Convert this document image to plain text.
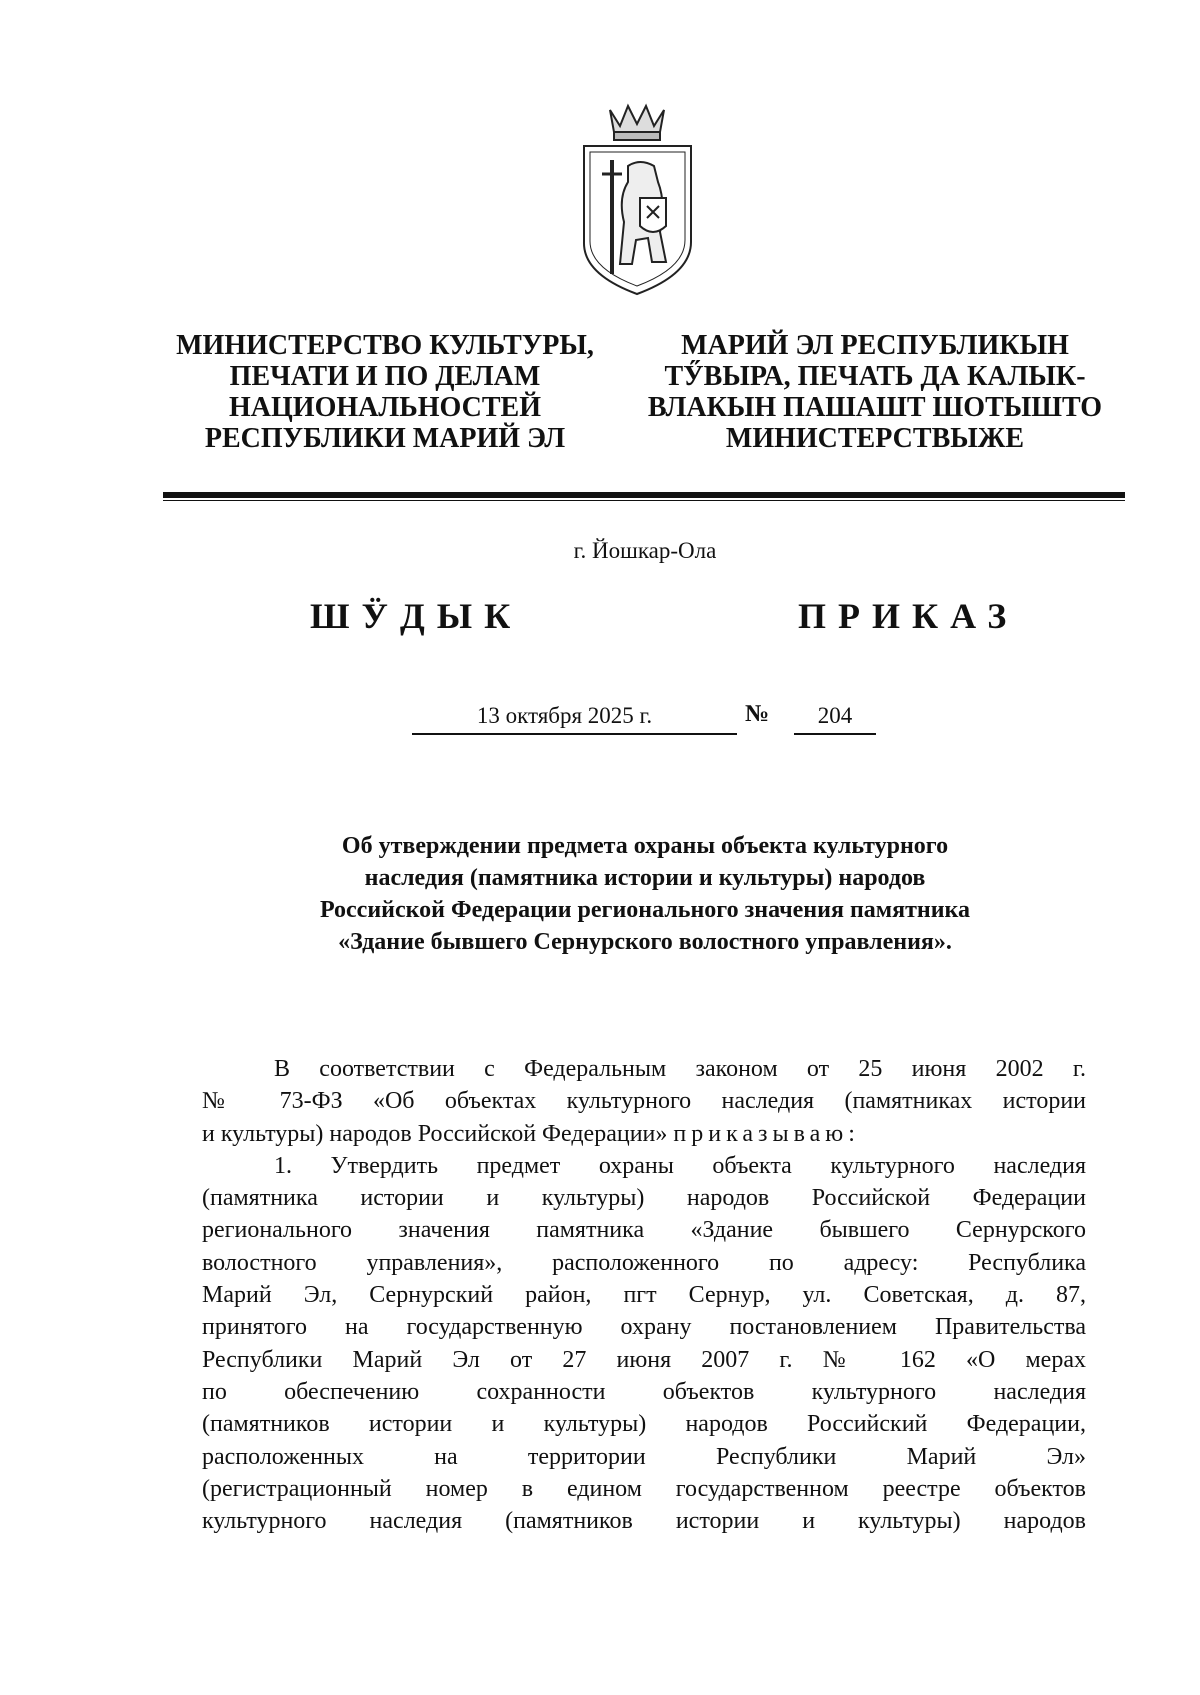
МИНИСТЕРСТВО КУЛЬТУРЫ,
ПЕЧАТИ И ПО ДЕЛАМ
НАЦИОНАЛЬНОСТЕЙ
РЕСПУБЛИКИ МАРИЙ ЭЛ
МАРИЙ ЭЛ РЕСПУБЛИКЫН
ТӲВЫРА, ПЕЧАТЬ ДА КАЛЫК-
ВЛАКЫН ПАШАШТ ШОТЫШТО
МИНИСТЕРСТВЫЖЕ
г. Йошкар-Ола
ШӰДЫК	ПРИКАЗ
13 октября 2025 г.	№	204
Об утверждении предмета охраны объекта культурного
наследия (памятника истории и культуры) народов
Российской Федерации регионального значения памятника
«Здание бывшего Сернурского волостного управления».
В соответствии с Федеральным законом от 25 июня 2002 г.
№ 73-ФЗ «Об объектах культурного наследия (памятниках истории
и культуры) народов Российской Федерации» приказываю:
1. Утвердить предмет охраны объекта культурного наследия
(памятника истории и культуры) народов Российской Федерации
регионального значения памятника «Здание бывшего Сернурского
волостного управления», расположенного по адресу: Республика
Марий Эл, Сернурский район, пгт Сернур, ул. Советская, д. 87,
принятого на государственную охрану постановлением Правительства
Республики Марий Эл от 27 июня 2007 г. № 162 «О мерах
по обеспечению сохранности объектов культурного наследия
(памятников истории и культуры) народов Российский Федерации,
расположенных на территории Республики Марий Эл»
(регистрационный номер в едином государственном реестре объектов
культурного наследия (памятников истории и культуры) народов
